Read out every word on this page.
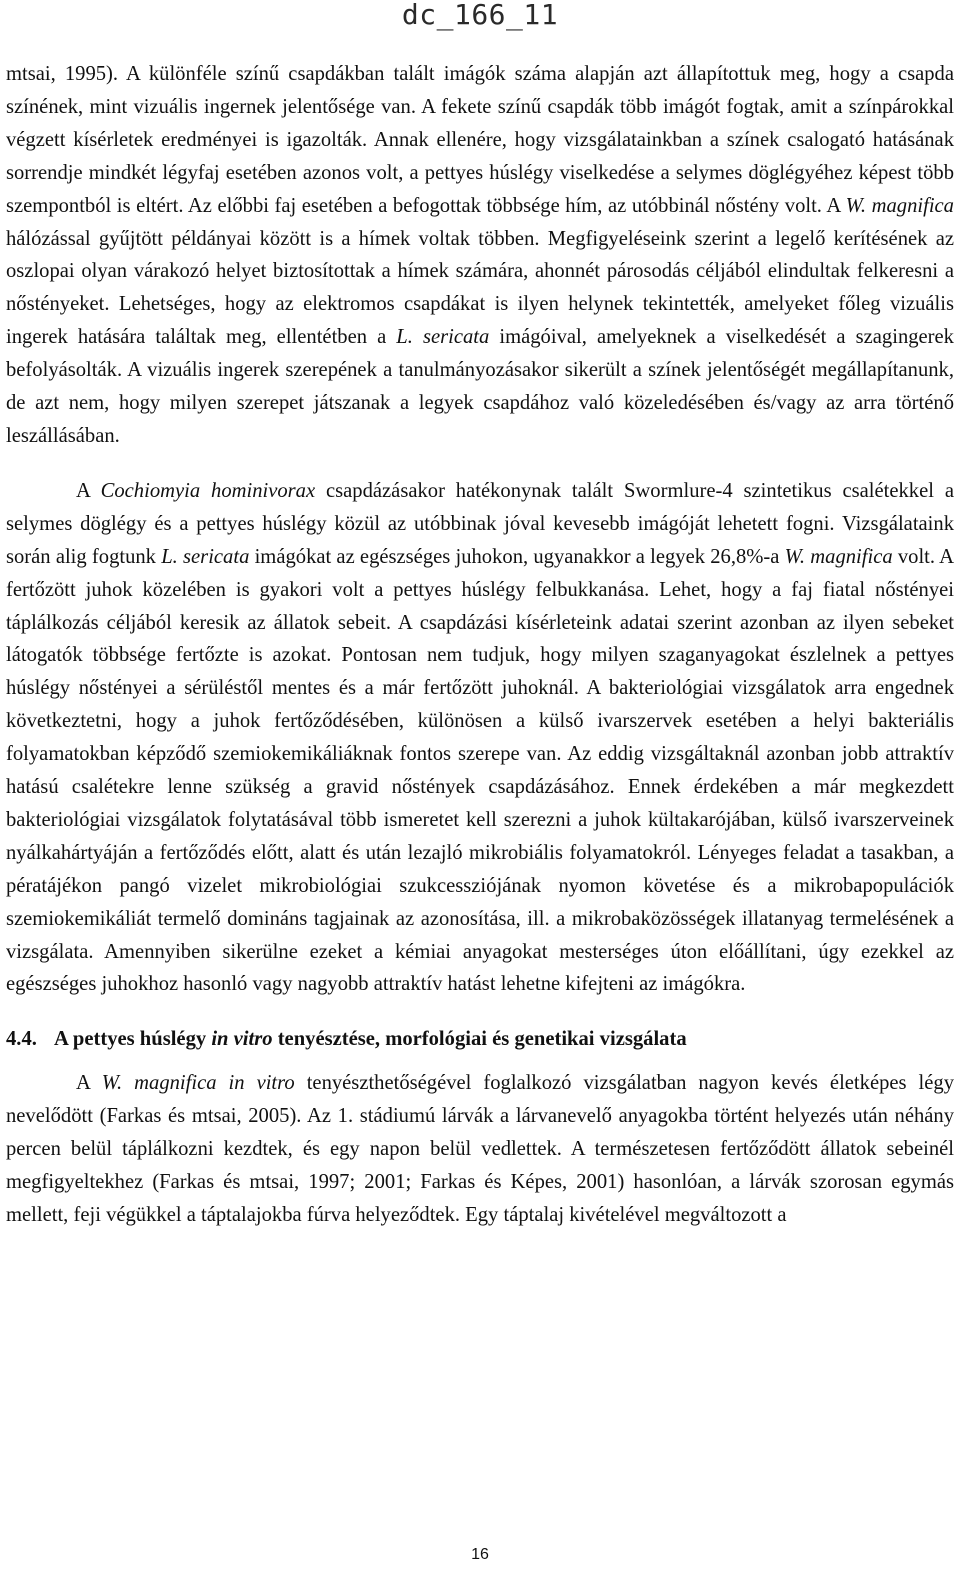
dc_166_11

mtsai, 1995). A különféle színű csapdákban talált imágók száma alapján azt állapítottuk meg, hogy a csapda színének, mint vizuális ingernek jelentősége van. A fekete színű csapdák több imágót fogtak, amit a színpárokkal végzett kísérletek eredményei is igazolták. Annak ellenére, hogy vizsgálatainkban a színek csalogató hatásának sorrendje mindkét légyfaj esetében azonos volt, a pettyes húslégy viselkedése a selymes döglégyéhez képest több szempontból is eltért. Az előbbi faj esetében a befogottak többsége hím, az utóbbinál nőstény volt. A W. magnifica hálózással gyűjtött példányai között is a hímek voltak többen. Megfigyeléseink szerint a legelő kerítésének az oszlopai olyan várakozó helyet biztosítottak a hímek számára, ahonnét párosodás céljából elindultak felkeresni a nőstényeket. Lehetséges, hogy az elektromos csapdákat is ilyen helynek tekintették, amelyeket főleg vizuális ingerek hatására találtak meg, ellentétben a L. sericata imágóival, amelyeknek a viselkedését a szagingerek befolyásolták. A vizuális ingerek szerepének a tanulmányozásakor sikerült a színek jelentőségét megállapítanunk, de azt nem, hogy milyen szerepet játszanak a legyek csapdához való közeledésében és/vagy az arra történő leszállásában.

A Cochiomyia hominivorax csapdázásakor hatékonynak talált Swormlure-4 szintetikus csalétekkel a selymes döglégy és a pettyes húslégy közül az utóbbinak jóval kevesebb imágóját lehetett fogni. Vizsgálataink során alig fogtunk L. sericata imágókat az egészséges juhokon, ugyanakkor a legyek 26,8%-a W. magnifica volt. A fertőzött juhok közelében is gyakori volt a pettyes húslégy felbukkanása. Lehet, hogy a faj fiatal nőstényei táplálkozás céljából keresik az állatok sebeit. A csapdázási kísérleteink adatai szerint azonban az ilyen sebeket látogatók többsége fertőzte is azokat. Pontosan nem tudjuk, hogy milyen szaganyagokat észlelnek a pettyes húslégy nőstényei a sérüléstől mentes és a már fertőzött juhoknál. A bakteriológiai vizsgálatok arra engednek következtetni, hogy a juhok fertőződésében, különösen a külső ivarszervek esetében a helyi bakteriális folyamatokban képződő szemiokemikáliáknak fontos szerepe van. Az eddig vizsgáltaknál azonban jobb attraktív hatású csalétekre lenne szükség a gravid nőstények csapdázásához. Ennek érdekében a már megkezdett bakteriológiai vizsgálatok folytatásával több ismeretet kell szerezni a juhok kültakarójában, külső ivarszerveinek nyálkahártyáján a fertőződés előtt, alatt és után lezajló mikrobiális folyamatokról. Lényeges feladat a tasakban, a pératájékon pangó vizelet mikrobiológiai szukcessziójának nyomon követése és a mikrobapopulációk szemiokemikáliát termelő domináns tagjainak az azonosítása, ill. a mikrobaközösségek illatanyag termelésének a vizsgálata. Amennyiben sikerülne ezeket a kémiai anyagokat mesterséges úton előállítani, úgy ezekkel az egészséges juhokhoz hasonló vagy nagyobb attraktív hatást lehetne kifejteni az imágókra.

4.4. A pettyes húslégy in vitro tenyésztése, morfológiai és genetikai vizsgálata

A W. magnifica in vitro tenyészthetőségével foglalkozó vizsgálatban nagyon kevés életképes légy nevelődött (Farkas és mtsai, 2005). Az 1. stádiumú lárvák a lárvanevelő anyagokba történt helyezés után néhány percen belül táplálkozni kezdtek, és egy napon belül vedlettek. A természetesen fertőződött állatok sebeinél megfigyeltekhez (Farkas és mtsai, 1997; 2001; Farkas és Képes, 2001) hasonlóan, a lárvák szorosan egymás mellett, feji végükkel a táptalajokba fúrva helyeződtek. Egy táptalaj kivételével megváltozott a

16
